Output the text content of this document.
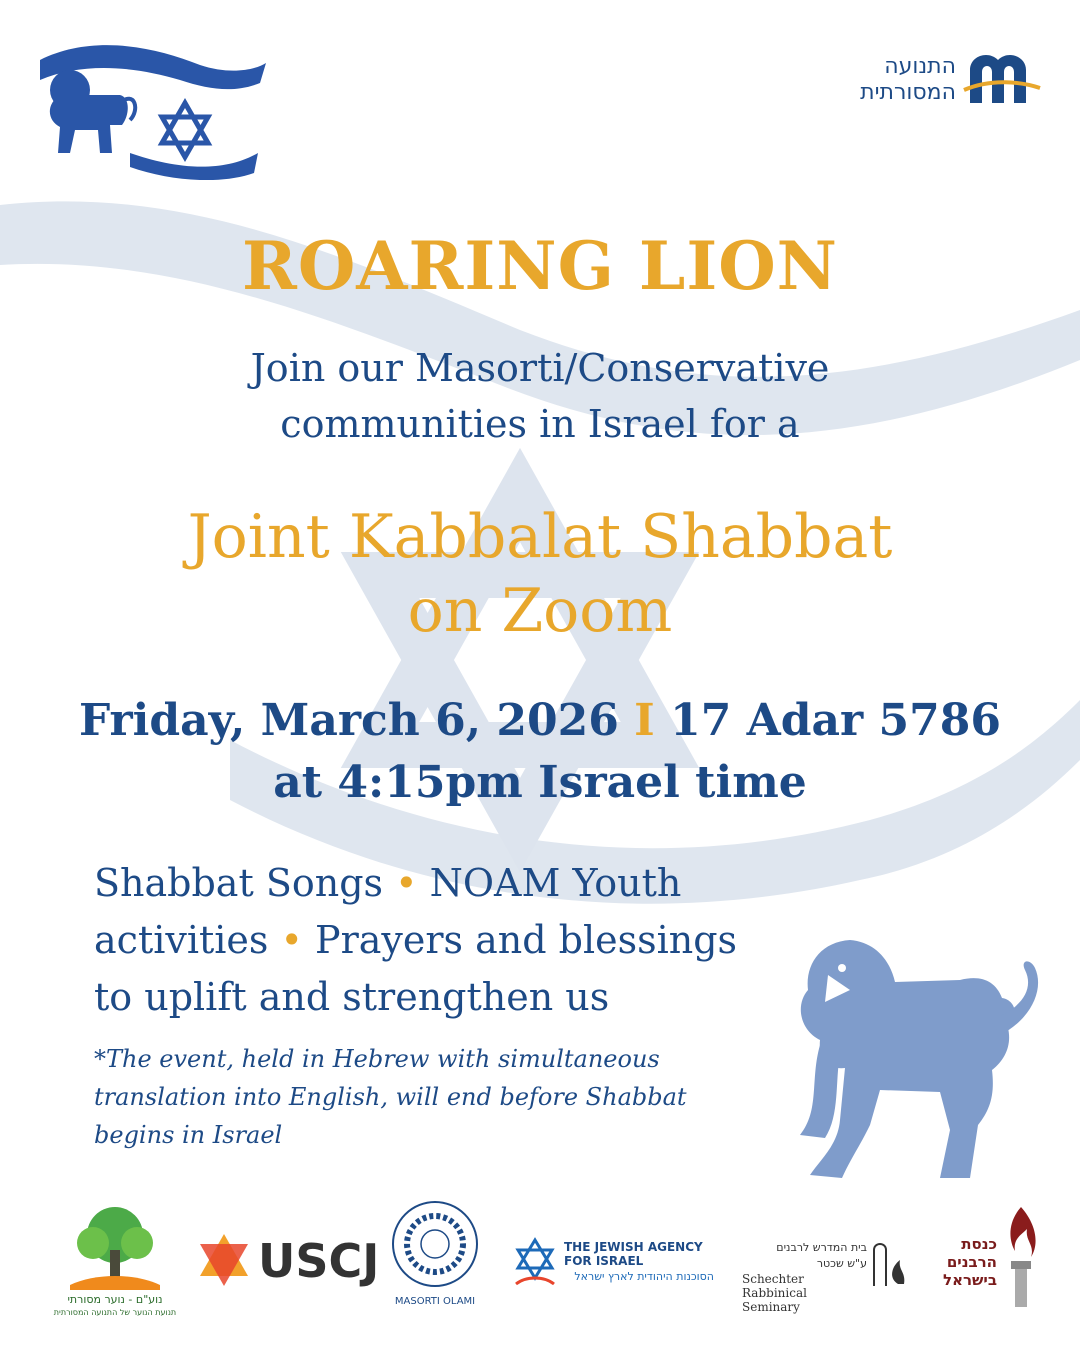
התנועה
המסורתית
ROARING LION
Join our Masorti/Conservative
communities in Israel for a
Joint Kabbalat Shabbat
on Zoom
Friday, March 6, 2026 I 17 Adar 5786
at 4:15pm Israel time
Shabbat Songs • NOAM Youth
activities • Prayers and blessings
to uplift and strengthen us
*The event, held in Hebrew with simultaneous
translation into English, will end before Shabbat
begins in Israel
נוע"ם - נוער מסורתי
תנועת הנוער של התנועה המסורתית
USCJ
MASORTI OLAMI
THE JEWISH AGENCY FOR ISRAEL
הסוכנות היהודית לארץ ישראל
בית המדרש לרבנים
ע"ש שכטר
Schechter
Rabbinical Seminary
כנסת
הרבנים
בישראל
